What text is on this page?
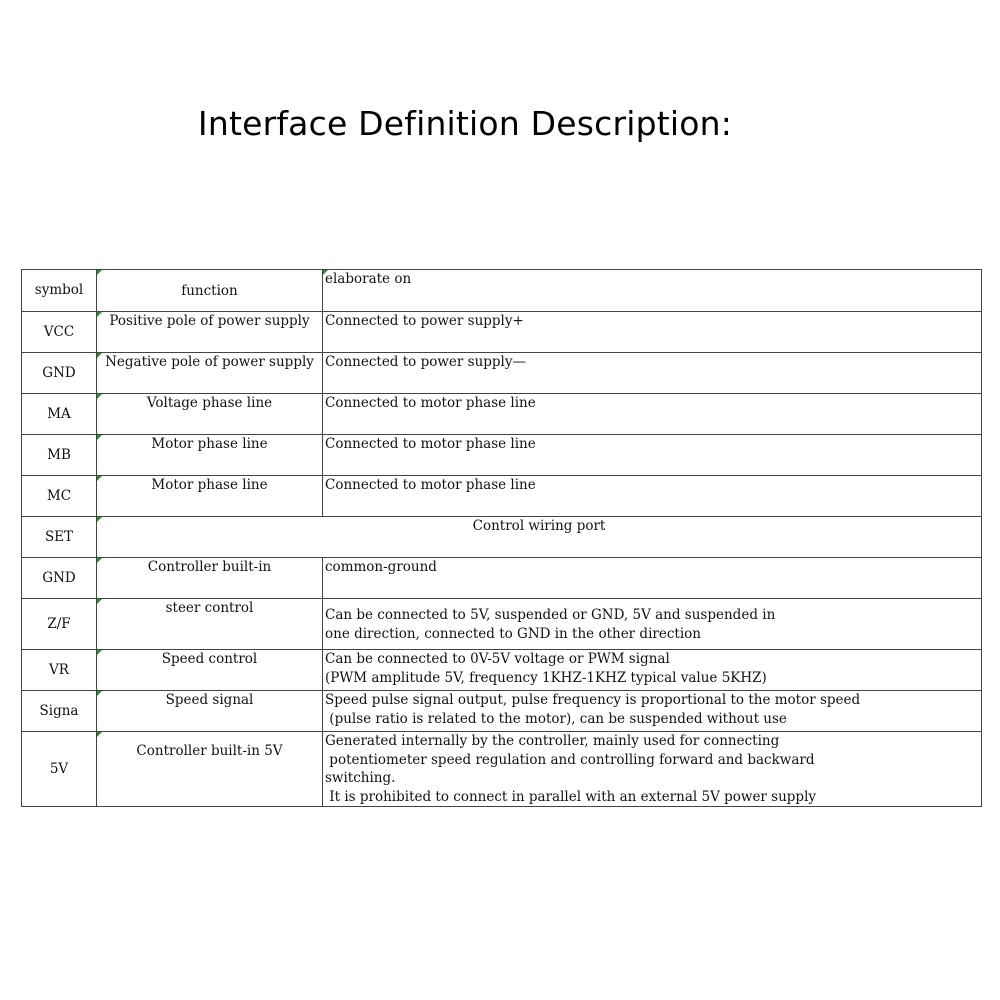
Interface Definition Description:
symbol	function	elaborate on
VCC	Positive pole of power supply	Connected to power supply+
GND	Negative pole of power supply	Connected to power supply—
MA	Voltage phase line	Connected to motor phase line
MB	Motor phase line	Connected to motor phase line
MC	Motor phase line	Connected to motor phase line
SET	Control wiring port	
GND	Controller built-in	common-ground
Z/F	steer control	Can be connected to 5V, suspended or GND, 5V and suspended in
one direction, connected to GND in the other direction
VR	Speed control	Can be connected to 0V-5V voltage or PWM signal
(PWM amplitude 5V, frequency 1KHZ-1KHZ typical value 5KHZ)
Signa	Speed signal	Speed pulse signal output, pulse frequency is proportional to the motor speed
(pulse ratio is related to the motor), can be suspended without use
5V	Controller built-in 5V	Generated internally by the controller, mainly used for connecting
potentiometer speed regulation and controlling forward and backward
switching.
It is prohibited to connect in parallel with an external 5V power supply
